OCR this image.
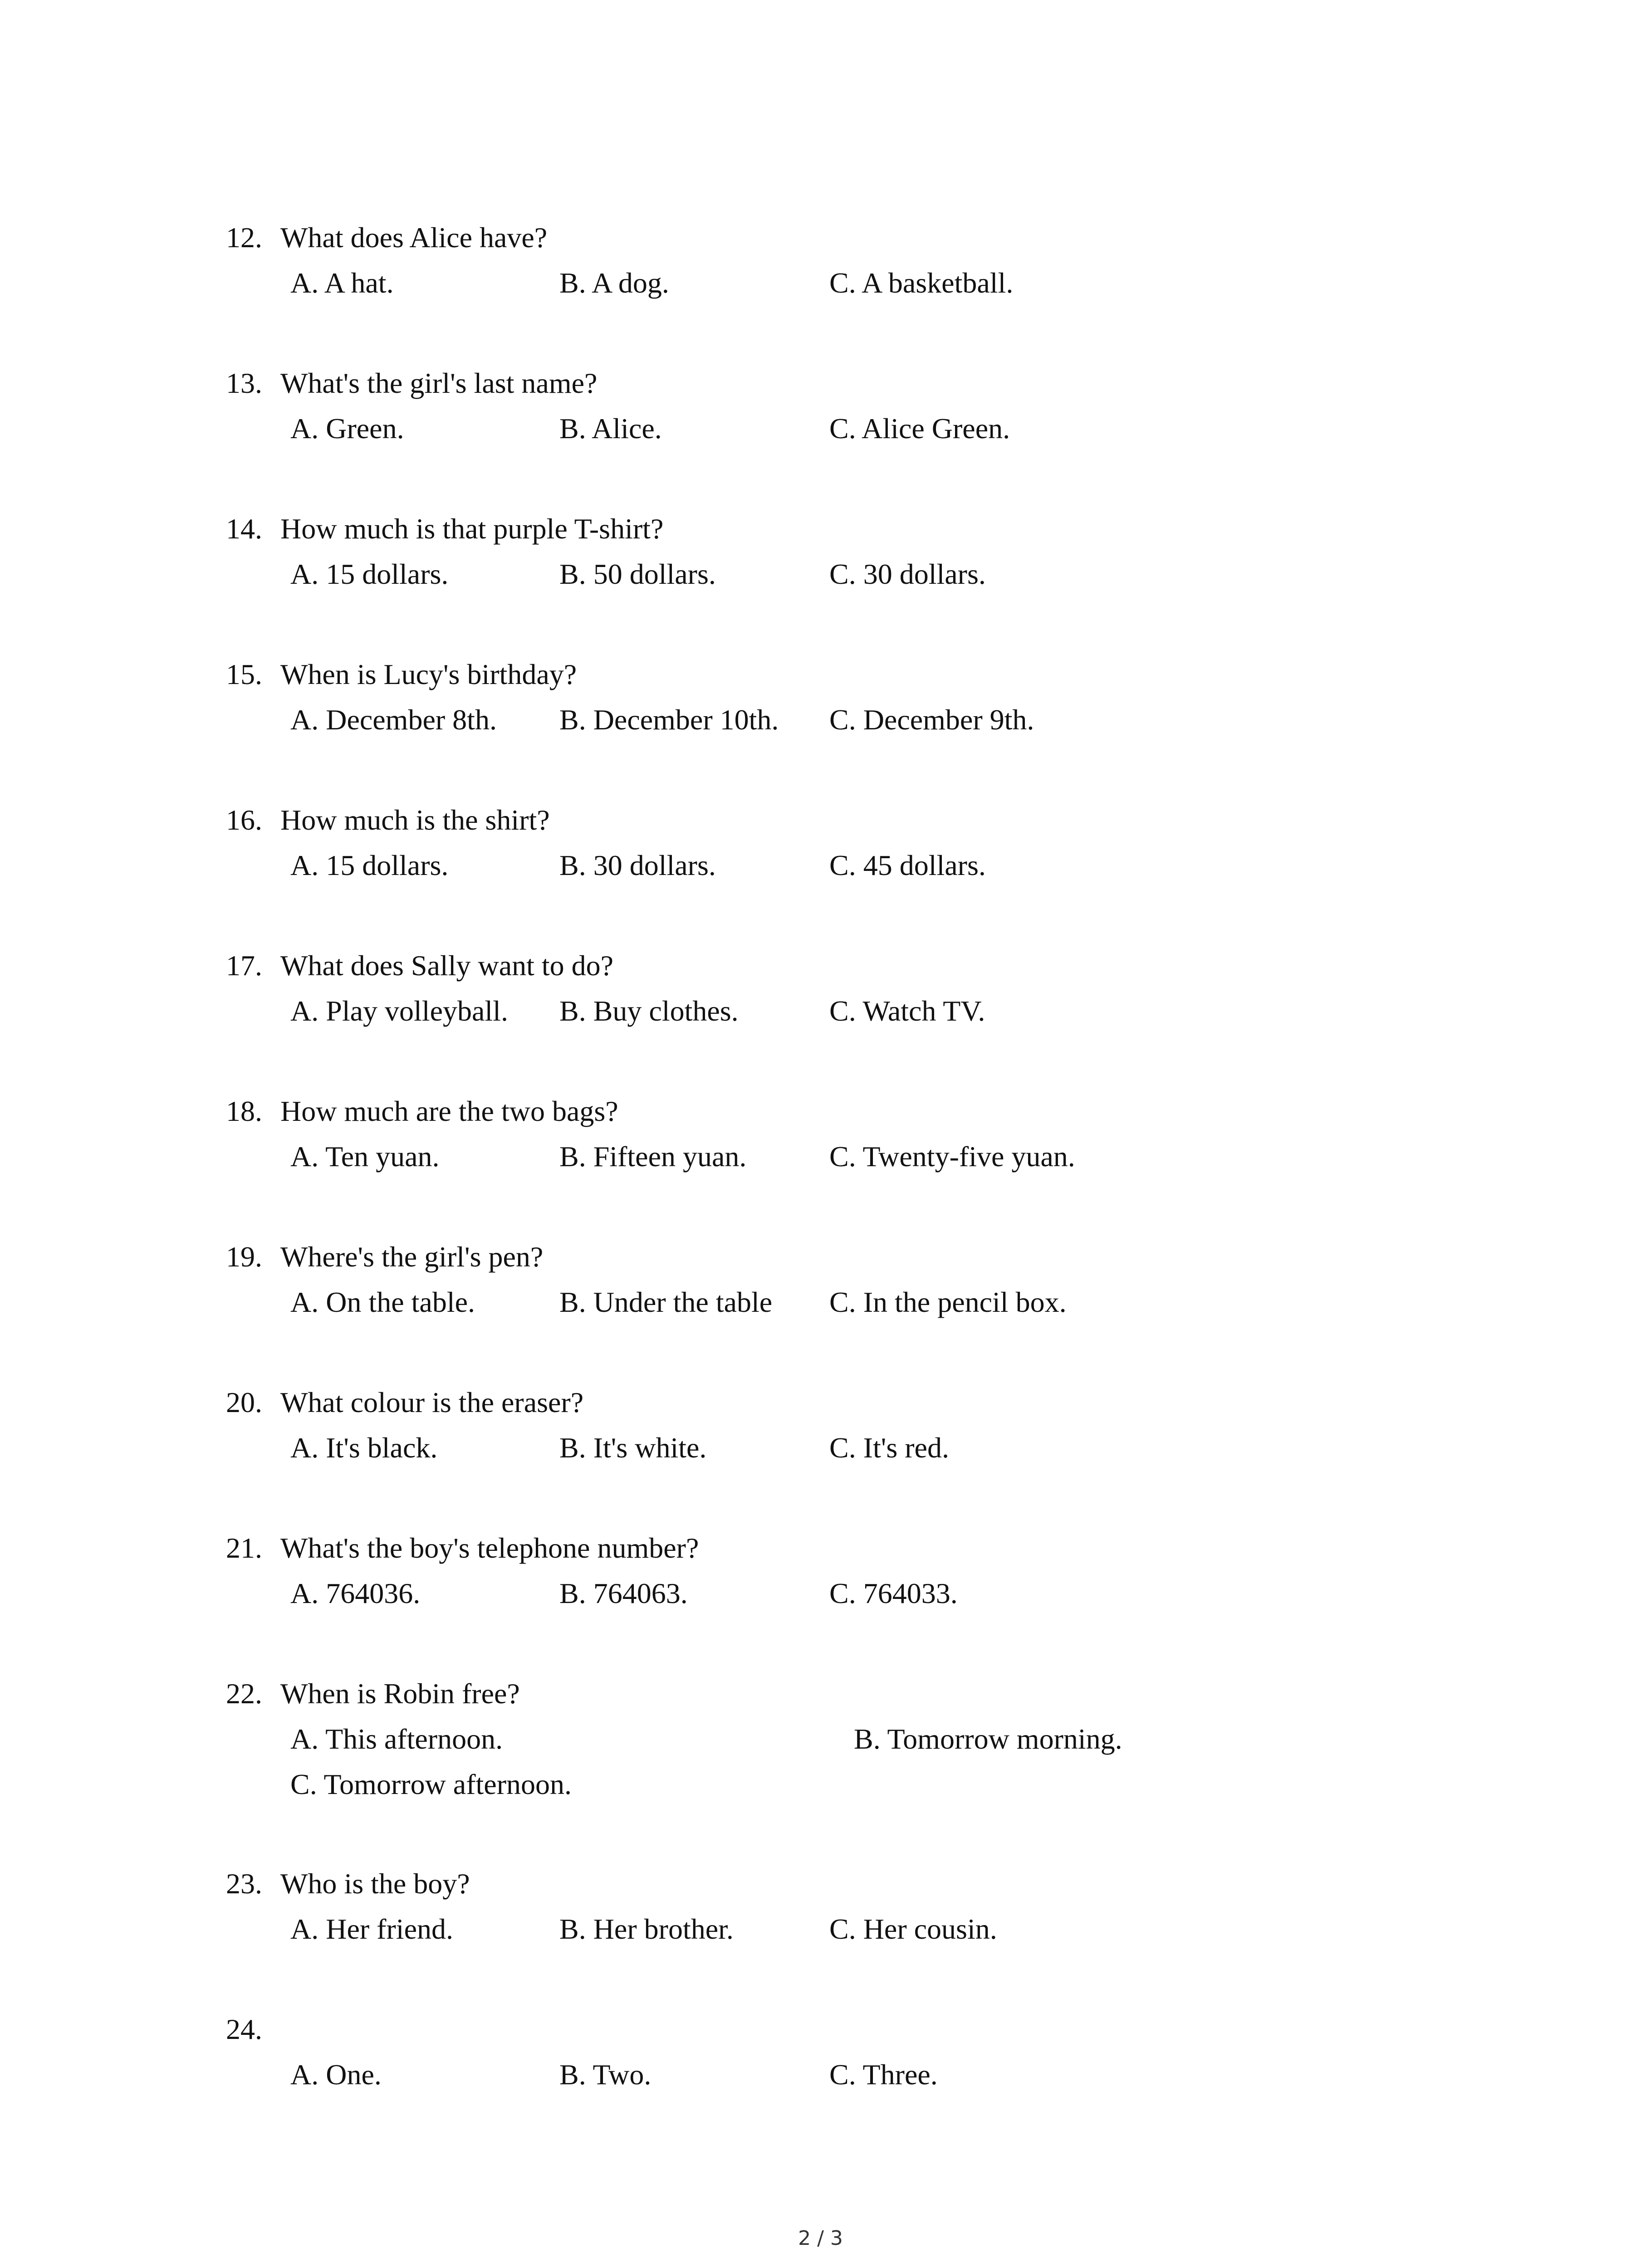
12. What does Alice have?
A. A hat.	B. A dog.	C. A basketball.
13. What's the girl's last name?
A. Green.	B. Alice.	C. Alice Green.
14. How much is that purple T-shirt?
A. 15 dollars.	B. 50 dollars.	C. 30 dollars.
15. When is Lucy's birthday?
A. December 8th. B. December 10th. C. December 9th.
16. How much is the shirt?
A. 15 dollars.	B. 30 dollars.	C. 45 dollars.
17. What does Sally want to do?
A. Play volleyball. B. Buy clothes.	C. Watch TV.
18. How much are the two bags?
A. Ten yuan.	B. Fifteen yuan.	C. Twenty-five yuan.
19. Where's the girl's pen?
A. On the table.	B. Under the table C. In the pencil box.
20. What colour is the eraser?
A. It's black.	B. It's white.	C. It's red.
21. What's the boy's telephone number?
A. 764036.	B. 764063.	C. 764033.
22. When is Robin free?
A. This afternoon.	B. Tomorrow morning.
C. Tomorrow afternoon.
23. Who is the boy?
A. Her friend.	B. Her brother.	C. Her cousin.
24.
A. One.	B. Two.	C. Three.
2 / 3
